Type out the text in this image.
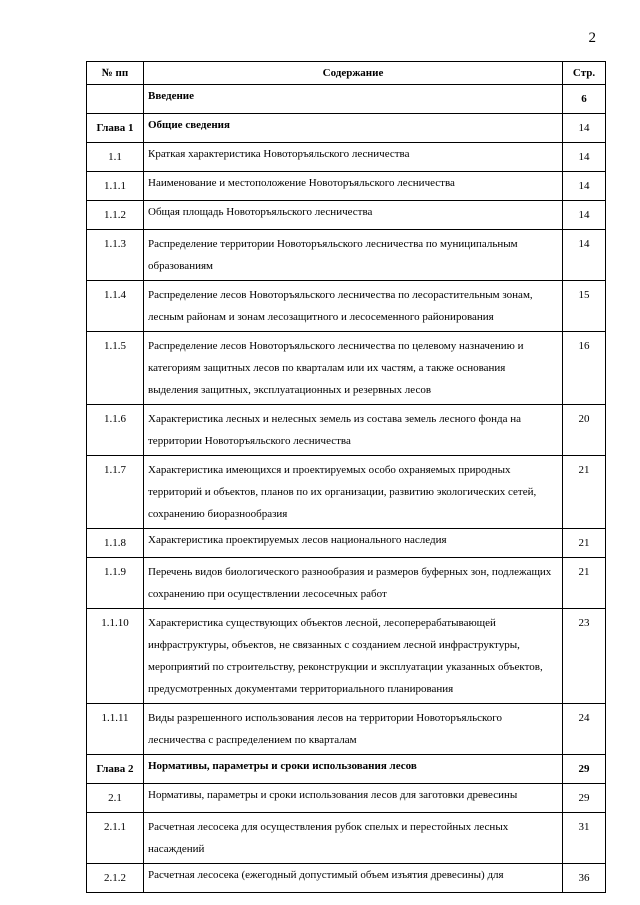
2
№ пп	Содержание	Стр.
	Введение	6
Глава 1	Общие сведения	14
1.1	Краткая характеристика Новоторъяльского лесничества	14
1.1.1	Наименование и местоположение Новоторъяльского лесничества	14
1.1.2	Общая площадь Новоторъяльского лесничества	14
1.1.3	Распределение территории Новоторъяльского лесничества по муниципальным образованиям	14
1.1.4	Распределение лесов Новоторъяльского лесничества по лесорастительным зонам, лесным районам и зонам лесозащитного и лесосеменного районирования	15
1.1.5	Распределение лесов Новоторъяльского лесничества по целевому назначению и категориям защитных лесов по кварталам или их частям, а также основания выделения защитных, эксплуатационных и резервных лесов	16
1.1.6	Характеристика лесных и нелесных земель из состава земель лесного фонда на территории Новоторъяльского лесничества	20
1.1.7	Характеристика имеющихся и проектируемых особо охраняемых природных территорий и объектов, планов по их организации, развитию экологических сетей, сохранению биоразнообразия	21
1.1.8	Характеристика проектируемых лесов национального наследия	21
1.1.9	Перечень видов биологического разнообразия и размеров буферных зон, подлежащих сохранению при осуществлении лесосечных работ	21
1.1.10	Характеристика существующих объектов лесной, лесоперерабатывающей инфраструктуры, объектов, не связанных с созданием лесной инфраструктуры, мероприятий по строительству, реконструкции и эксплуатации указанных объектов, предусмотренных документами территориального планирования	23
1.1.11	Виды разрешенного использования лесов на территории Новоторъяльского лесничества с распределением по кварталам	24
Глава 2	Нормативы, параметры и сроки использования лесов	29
2.1	Нормативы, параметры и сроки использования лесов для заготовки древесины	29
2.1.1	Расчетная лесосека для осуществления рубок спелых и перестойных лесных насаждений	31
2.1.2	Расчетная лесосека (ежегодный допустимый объем изъятия древесины) для	36
